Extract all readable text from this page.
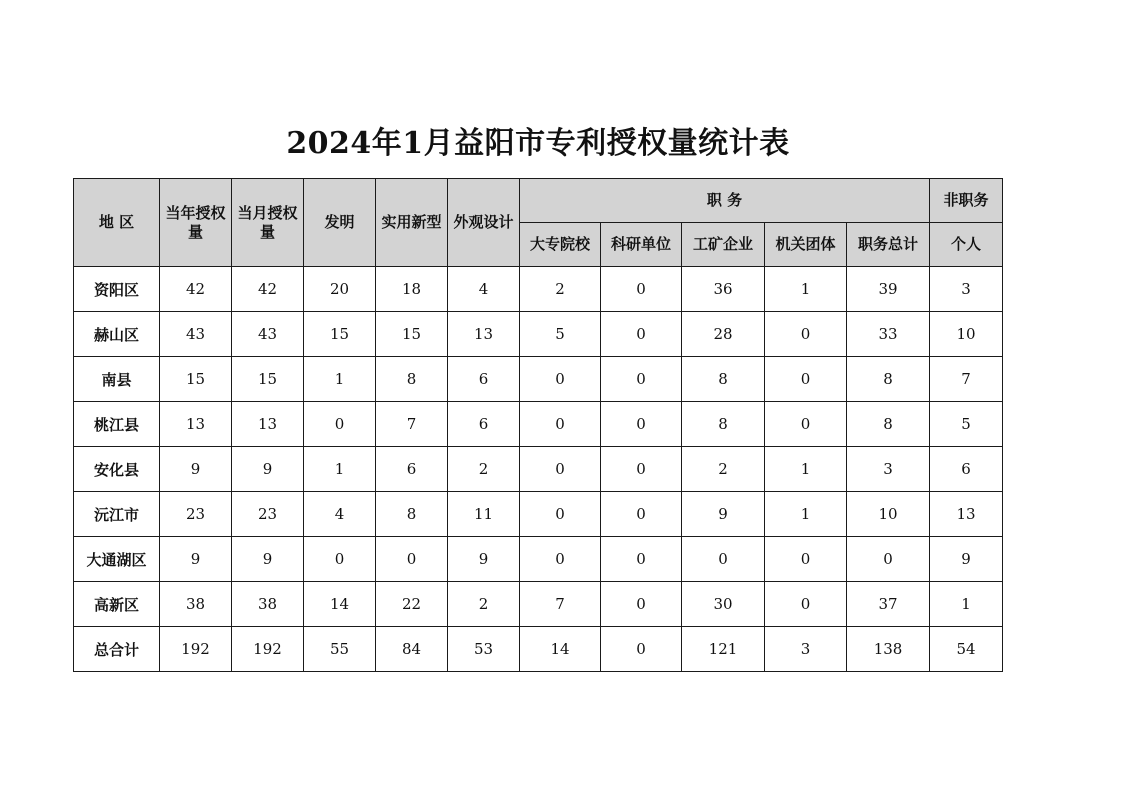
2024年1月益阳市专利授权量统计表
地 区	当年授权量	当月授权量	发明	实用新型	外观设计	职 务					非职务
						大专院校	科研单位	工矿企业	机关团体	职务总计	个人
资阳区	42	42	20	18	4	2	0	36	1	39	3
赫山区	43	43	15	15	13	5	0	28	0	33	10
南县	15	15	1	8	6	0	0	8	0	8	7
桃江县	13	13	0	7	6	0	0	8	0	8	5
安化县	9	9	1	6	2	0	0	2	1	3	6
沅江市	23	23	4	8	11	0	0	9	1	10	13
大通湖区	9	9	0	0	9	0	0	0	0	0	9
高新区	38	38	14	22	2	7	0	30	0	37	1
总合计	192	192	55	84	53	14	0	121	3	138	54
